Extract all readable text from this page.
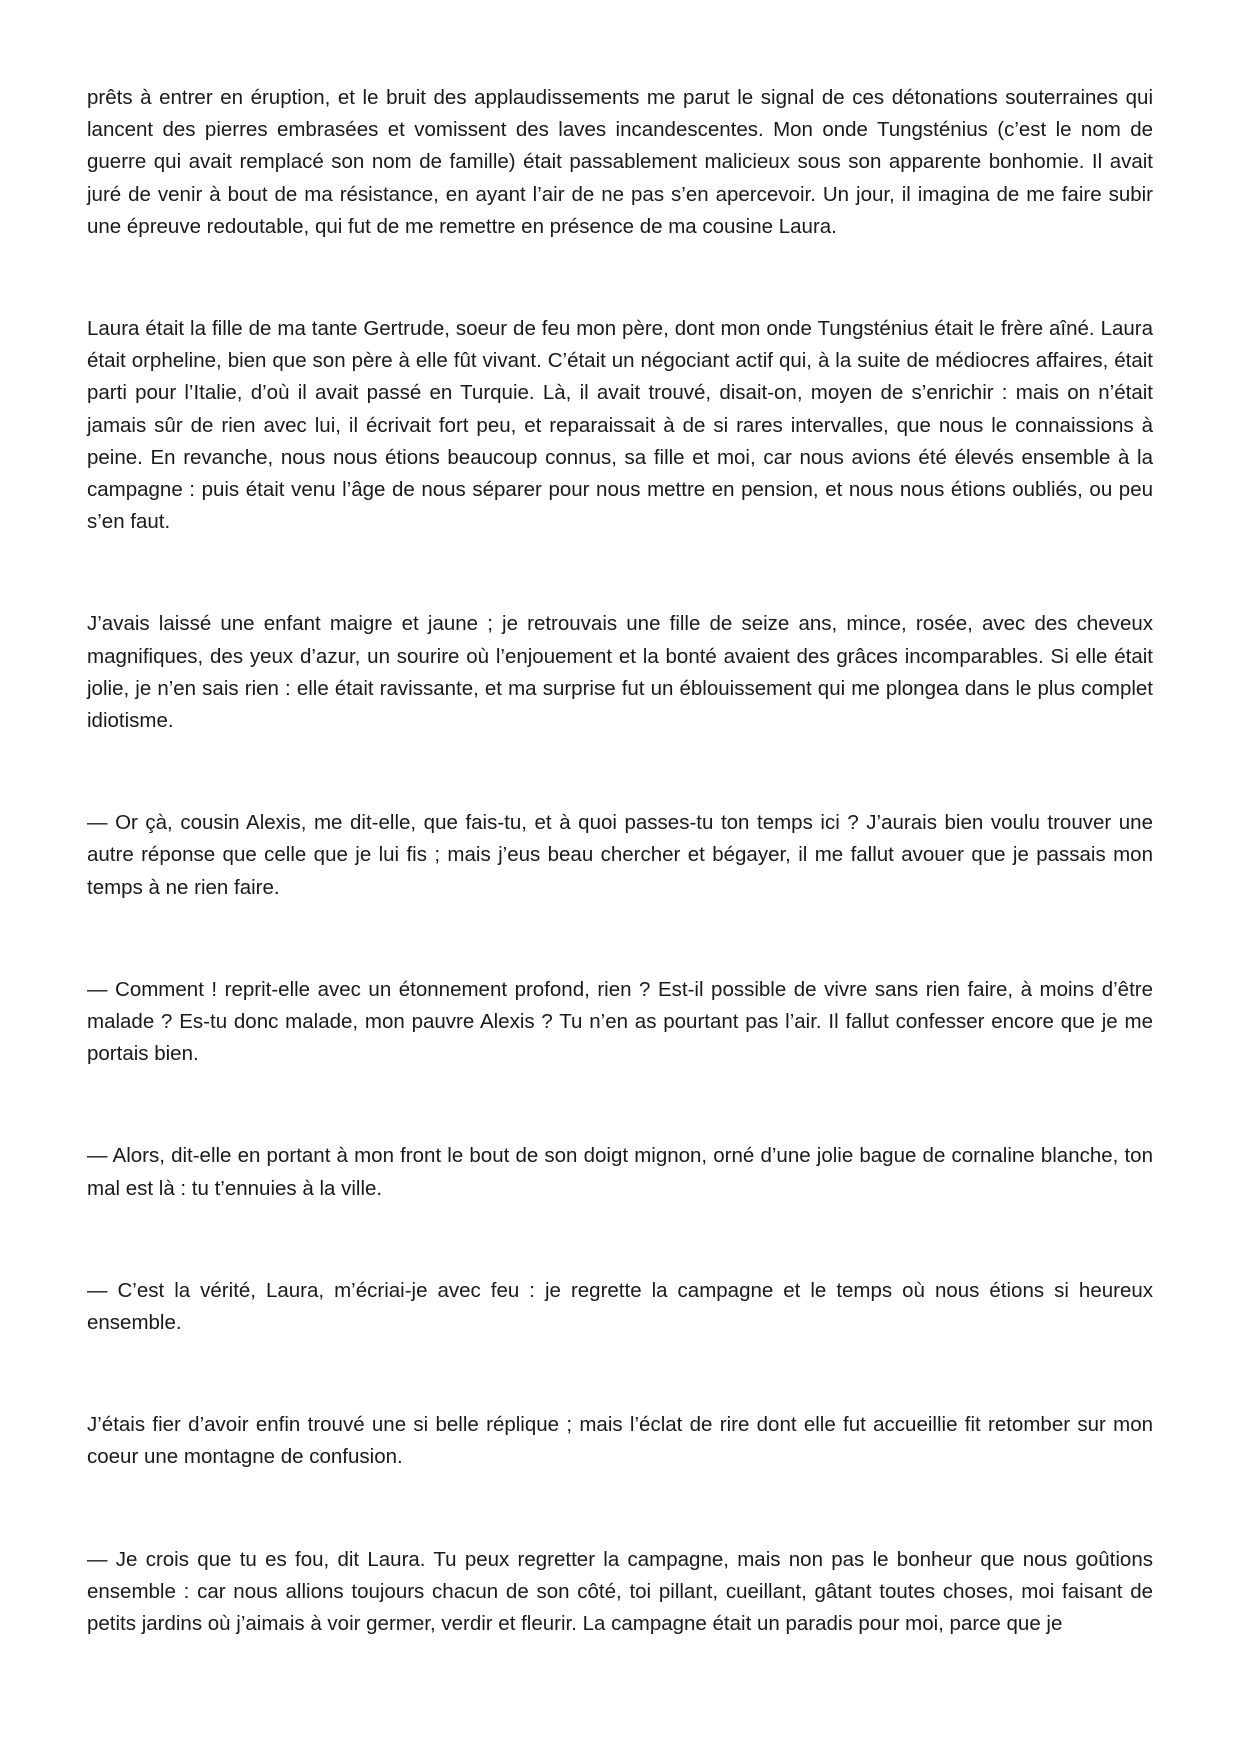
prêts à entrer en éruption, et le bruit des applaudissements me parut le signal de ces détonations souterraines qui lancent des pierres embrasées et vomissent des laves incandescentes. Mon onde Tungsténius (c’est le nom de guerre qui avait remplacé son nom de famille) était passablement malicieux sous son apparente bonhomie. Il avait juré de venir à bout de ma résistance, en ayant l’air de ne pas s’en apercevoir. Un jour, il imagina de me faire subir une épreuve redoutable, qui fut de me remettre en présence de ma cousine Laura.

Laura était la fille de ma tante Gertrude, soeur de feu mon père, dont mon onde Tungsténius était le frère aîné. Laura était orpheline, bien que son père à elle fût vivant. C’était un négociant actif qui, à la suite de médiocres affaires, était parti pour l’Italie, d’où il avait passé en Turquie. Là, il avait trouvé, disait-on, moyen de s’enrichir : mais on n’était jamais sûr de rien avec lui, il écrivait fort peu, et reparaissait à de si rares intervalles, que nous le connaissions à peine. En revanche, nous nous étions beaucoup connus, sa fille et moi, car nous avions été élevés ensemble à la campagne : puis était venu l’âge de nous séparer pour nous mettre en pension, et nous nous étions oubliés, ou peu s’en faut.

J’avais laissé une enfant maigre et jaune ; je retrouvais une fille de seize ans, mince, rosée, avec des cheveux magnifiques, des yeux d’azur, un sourire où l’enjouement et la bonté avaient des grâces incomparables. Si elle était jolie, je n’en sais rien : elle était ravissante, et ma surprise fut un éblouissement qui me plongea dans le plus complet idiotisme.

— Or çà, cousin Alexis, me dit-elle, que fais-tu, et à quoi passes-tu ton temps ici ? J’aurais bien voulu trouver une autre réponse que celle que je lui fis ; mais j’eus beau chercher et bégayer, il me fallut avouer que je passais mon temps à ne rien faire.

— Comment ! reprit-elle avec un étonnement profond, rien ? Est-il possible de vivre sans rien faire, à moins d’être malade ? Es-tu donc malade, mon pauvre Alexis ? Tu n’en as pourtant pas l’air. Il fallut confesser encore que je me portais bien.

— Alors, dit-elle en portant à mon front le bout de son doigt mignon, orné d’une jolie bague de cornaline blanche, ton mal est là : tu t’ennuies à la ville.

— C’est la vérité, Laura, m’écriai-je avec feu : je regrette la campagne et le temps où nous étions si heureux ensemble.

J’étais fier d’avoir enfin trouvé une si belle réplique ; mais l’éclat de rire dont elle fut accueillie fit retomber sur mon coeur une montagne de confusion.

— Je crois que tu es fou, dit Laura. Tu peux regretter la campagne, mais non pas le bonheur que nous goûtions ensemble : car nous allions toujours chacun de son côté, toi pillant, cueillant, gâtant toutes choses, moi faisant de petits jardins où j’aimais à voir germer, verdir et fleurir. La campagne était un paradis pour moi, parce que je
